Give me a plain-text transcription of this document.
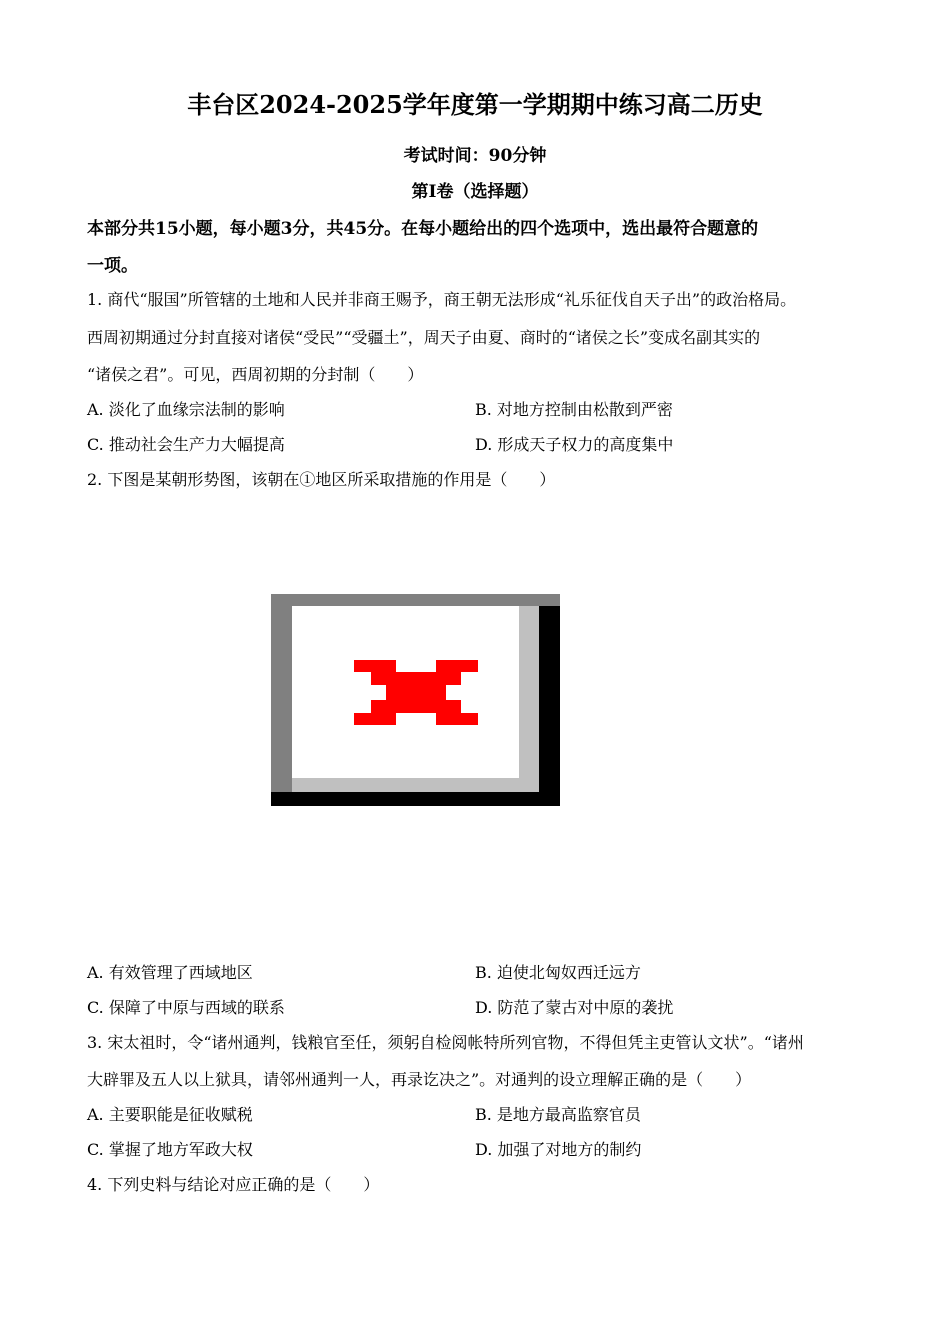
丰台区2024-2025学年度第一学期期中练习高二历史
考试时间：90分钟
第Ⅰ卷（选择题）
本部分共15小题，每小题3分，共45分。在每小题给出的四个选项中，选出最符合题意的
一项。
1. 商代“服国”所管辖的土地和人民并非商王赐予，商王朝无法形成“礼乐征伐自天子出”的政治格局。
西周初期通过分封直接对诸侯“受民”“受疆土”，周天子由夏、商时的“诸侯之长”变成名副其实的
“诸侯之君”。可见，西周初期的分封制（　　）
A. 淡化了血缘宗法制的影响	B. 对地方控制由松散到严密
C. 推动社会生产力大幅提高	D. 形成天子权力的高度集中
2. 下图是某朝形势图，该朝在①地区所采取措施的作用是（　　）
A. 有效管理了西域地区	B. 迫使北匈奴西迁远方
C. 保障了中原与西域的联系	D. 防范了蒙古对中原的袭扰
3. 宋太祖时，令“诸州通判，钱粮官至任，须躬自检阅帐特所列官物，不得但凭主吏管认文状”。“诸州
大辟罪及五人以上狱具，请邻州通判一人，再录讫决之”。对通判的设立理解正确的是（　　）
A. 主要职能是征收赋税	B. 是地方最高监察官员
C. 掌握了地方军政大权	D. 加强了对地方的制约
4. 下列史料与结论对应正确的是（　　）
